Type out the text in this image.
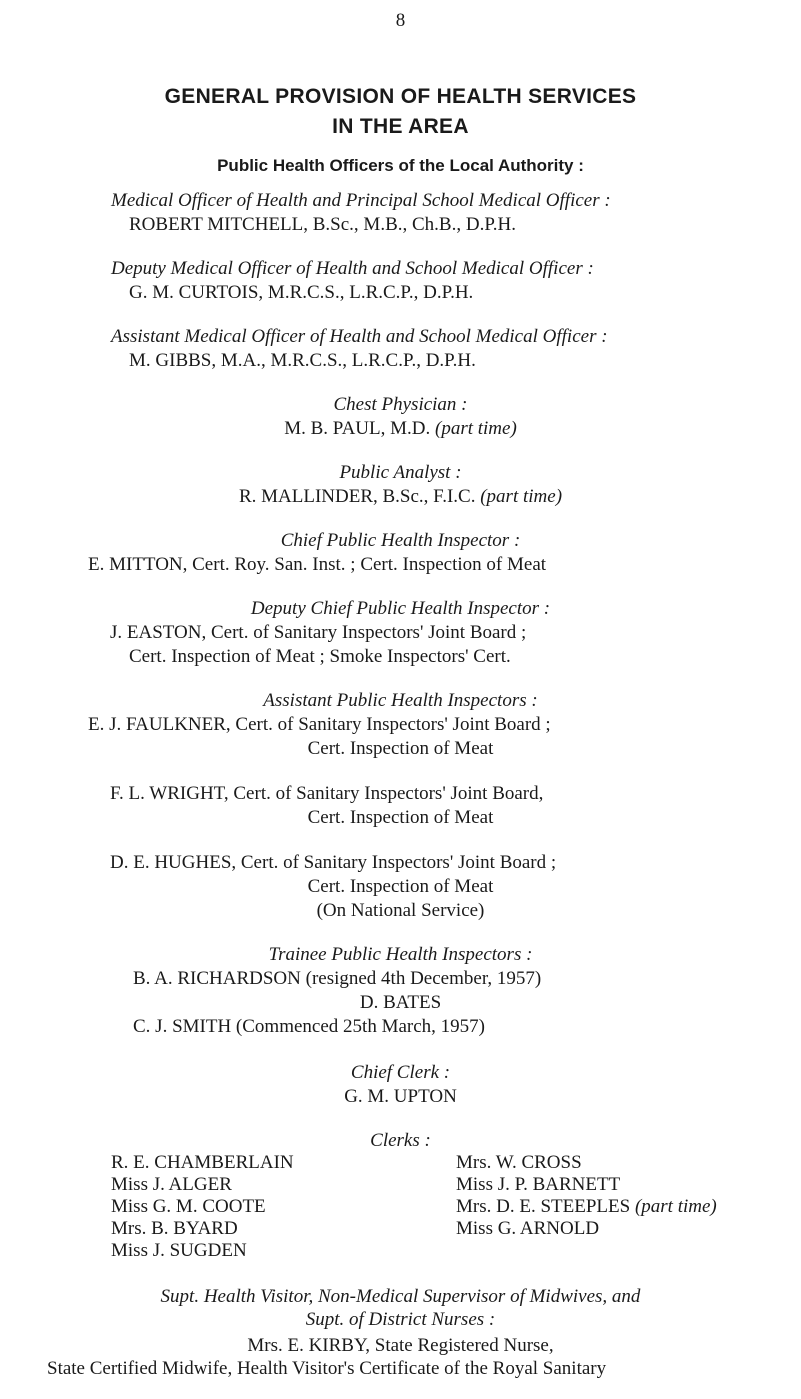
8
GENERAL PROVISION OF HEALTH SERVICES
IN THE AREA
Public Health Officers of the Local Authority :
Medical Officer of Health and Principal School Medical Officer :
ROBERT MITCHELL, B.Sc., M.B., Ch.B., D.P.H.
Deputy Medical Officer of Health and School Medical Officer :
G. M. CURTOIS, M.R.C.S., L.R.C.P., D.P.H.
Assistant Medical Officer of Health and School Medical Officer :
M. GIBBS, M.A., M.R.C.S., L.R.C.P., D.P.H.
Chest Physician :
M. B. PAUL, M.D. (part time)
Public Analyst :
R. MALLINDER, B.Sc., F.I.C. (part time)
Chief Public Health Inspector :
E. MITTON, Cert. Roy. San. Inst. ; Cert. Inspection of Meat
Deputy Chief Public Health Inspector :
J. EASTON, Cert. of Sanitary Inspectors' Joint Board ;
Cert. Inspection of Meat ; Smoke Inspectors' Cert.
Assistant Public Health Inspectors :
E. J. FAULKNER, Cert. of Sanitary Inspectors' Joint Board ;
Cert. Inspection of Meat
F. L. WRIGHT, Cert. of Sanitary Inspectors' Joint Board,
Cert. Inspection of Meat
D. E. HUGHES, Cert. of Sanitary Inspectors' Joint Board ;
Cert. Inspection of Meat
(On National Service)
Trainee Public Health Inspectors :
B. A. RICHARDSON (resigned 4th December, 1957)
D. BATES
C. J. SMITH (Commenced 25th March, 1957)
Chief Clerk :
G. M. UPTON
Clerks :
R. E. CHAMBERLAIN
Miss J. ALGER
Miss G. M. COOTE
Mrs. B. BYARD
Miss J. SUGDEN
Mrs. W. CROSS
Miss J. P. BARNETT
Mrs. D. E. STEEPLES (part time)
Miss G. ARNOLD
Supt. Health Visitor, Non-Medical Supervisor of Midwives, and
Supt. of District Nurses :
Mrs. E. KIRBY, State Registered Nurse,
State Certified Midwife, Health Visitor's Certificate of the Royal Sanitary
